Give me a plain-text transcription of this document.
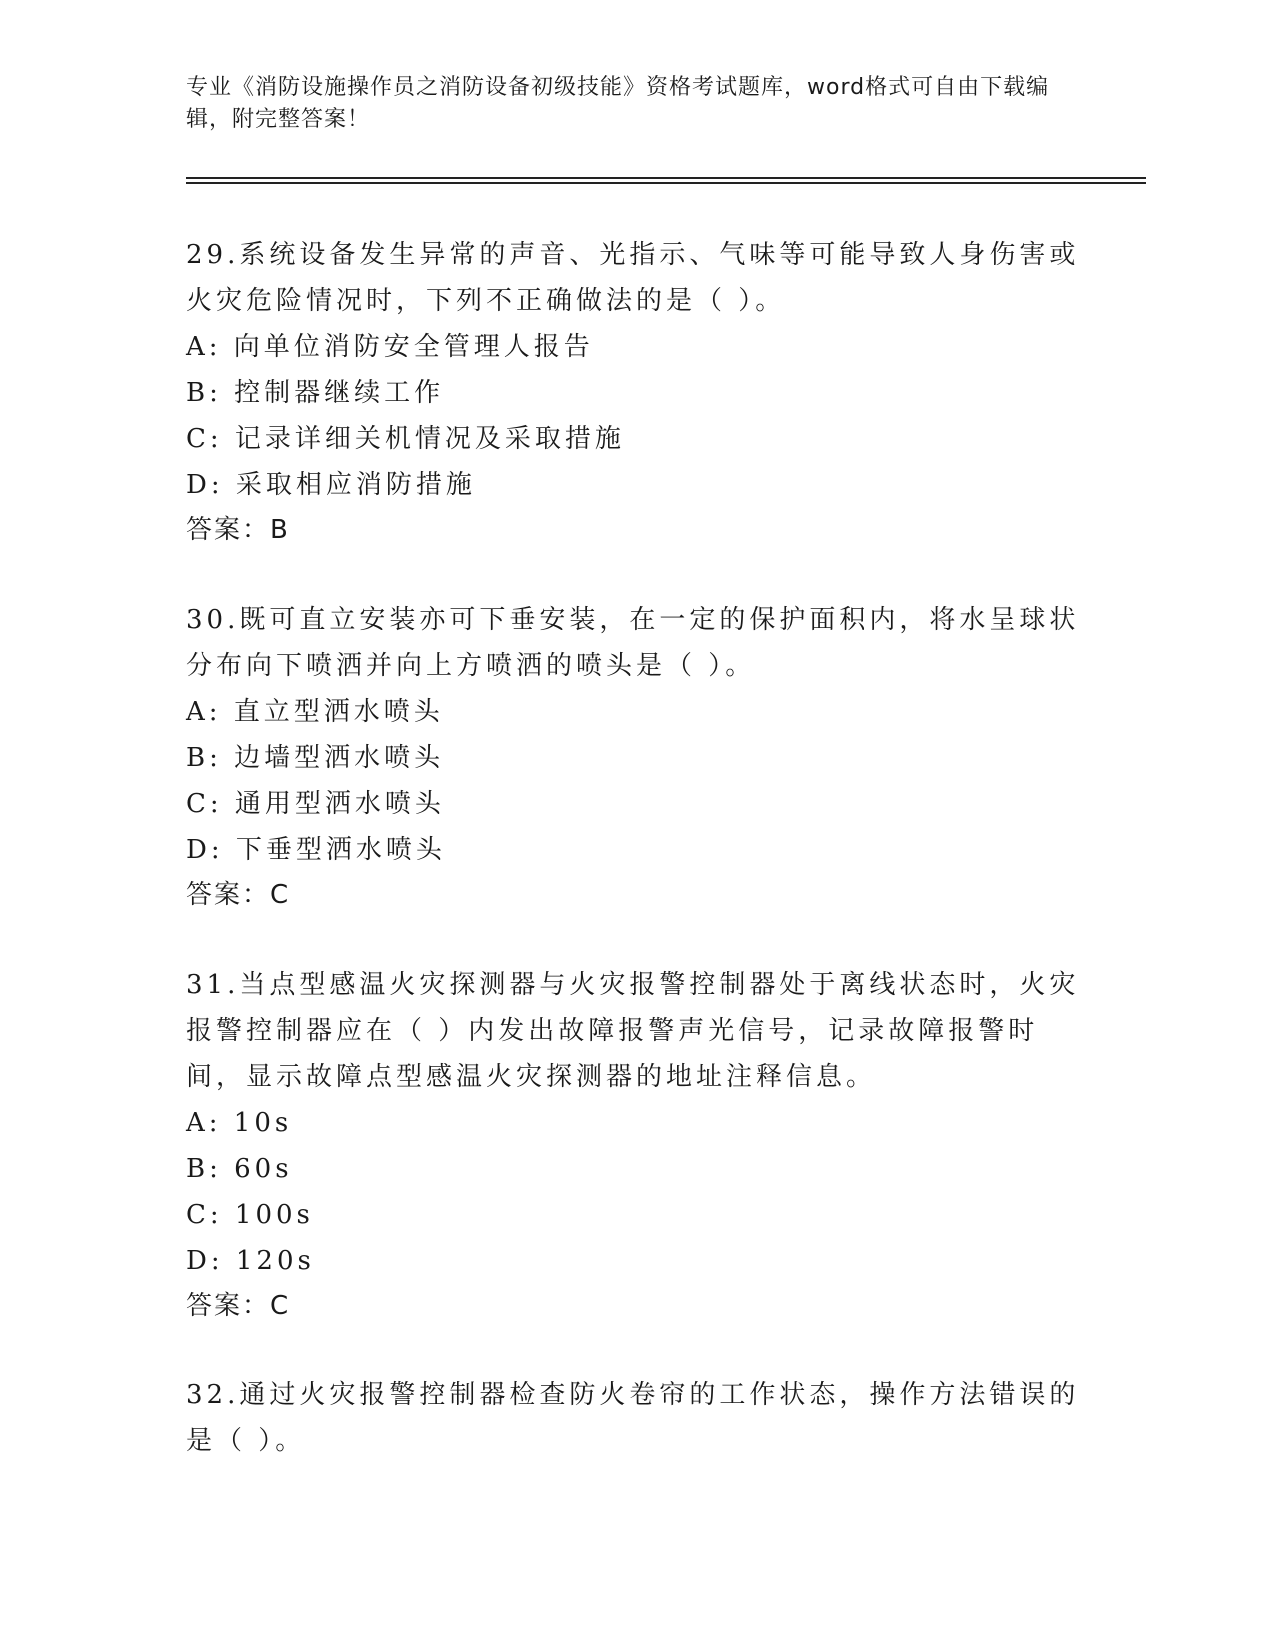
专业《消防设施操作员之消防设备初级技能》资格考试题库，word格式可自由下载编辑，附完整答案！

29.系统设备发生异常的声音、光指示、气味等可能导致人身伤害或火灾危险情况时，下列不正确做法的是（ ）。

A: 向单位消防安全管理人报告

B: 控制器继续工作

C: 记录详细关机情况及采取措施

D: 采取相应消防措施

答案：B

30.既可直立安装亦可下垂安装，在一定的保护面积内，将水呈球状分布向下喷洒并向上方喷洒的喷头是（ ）。

A: 直立型洒水喷头

B: 边墙型洒水喷头

C: 通用型洒水喷头

D: 下垂型洒水喷头

答案：C

31.当点型感温火灾探测器与火灾报警控制器处于离线状态时，火灾报警控制器应在（ ）内发出故障报警声光信号，记录故障报警时间，显示故障点型感温火灾探测器的地址注释信息。

A: 10s

B: 60s

C: 100s

D: 120s

答案：C

32.通过火灾报警控制器检查防火卷帘的工作状态，操作方法错误的是（ ）。
